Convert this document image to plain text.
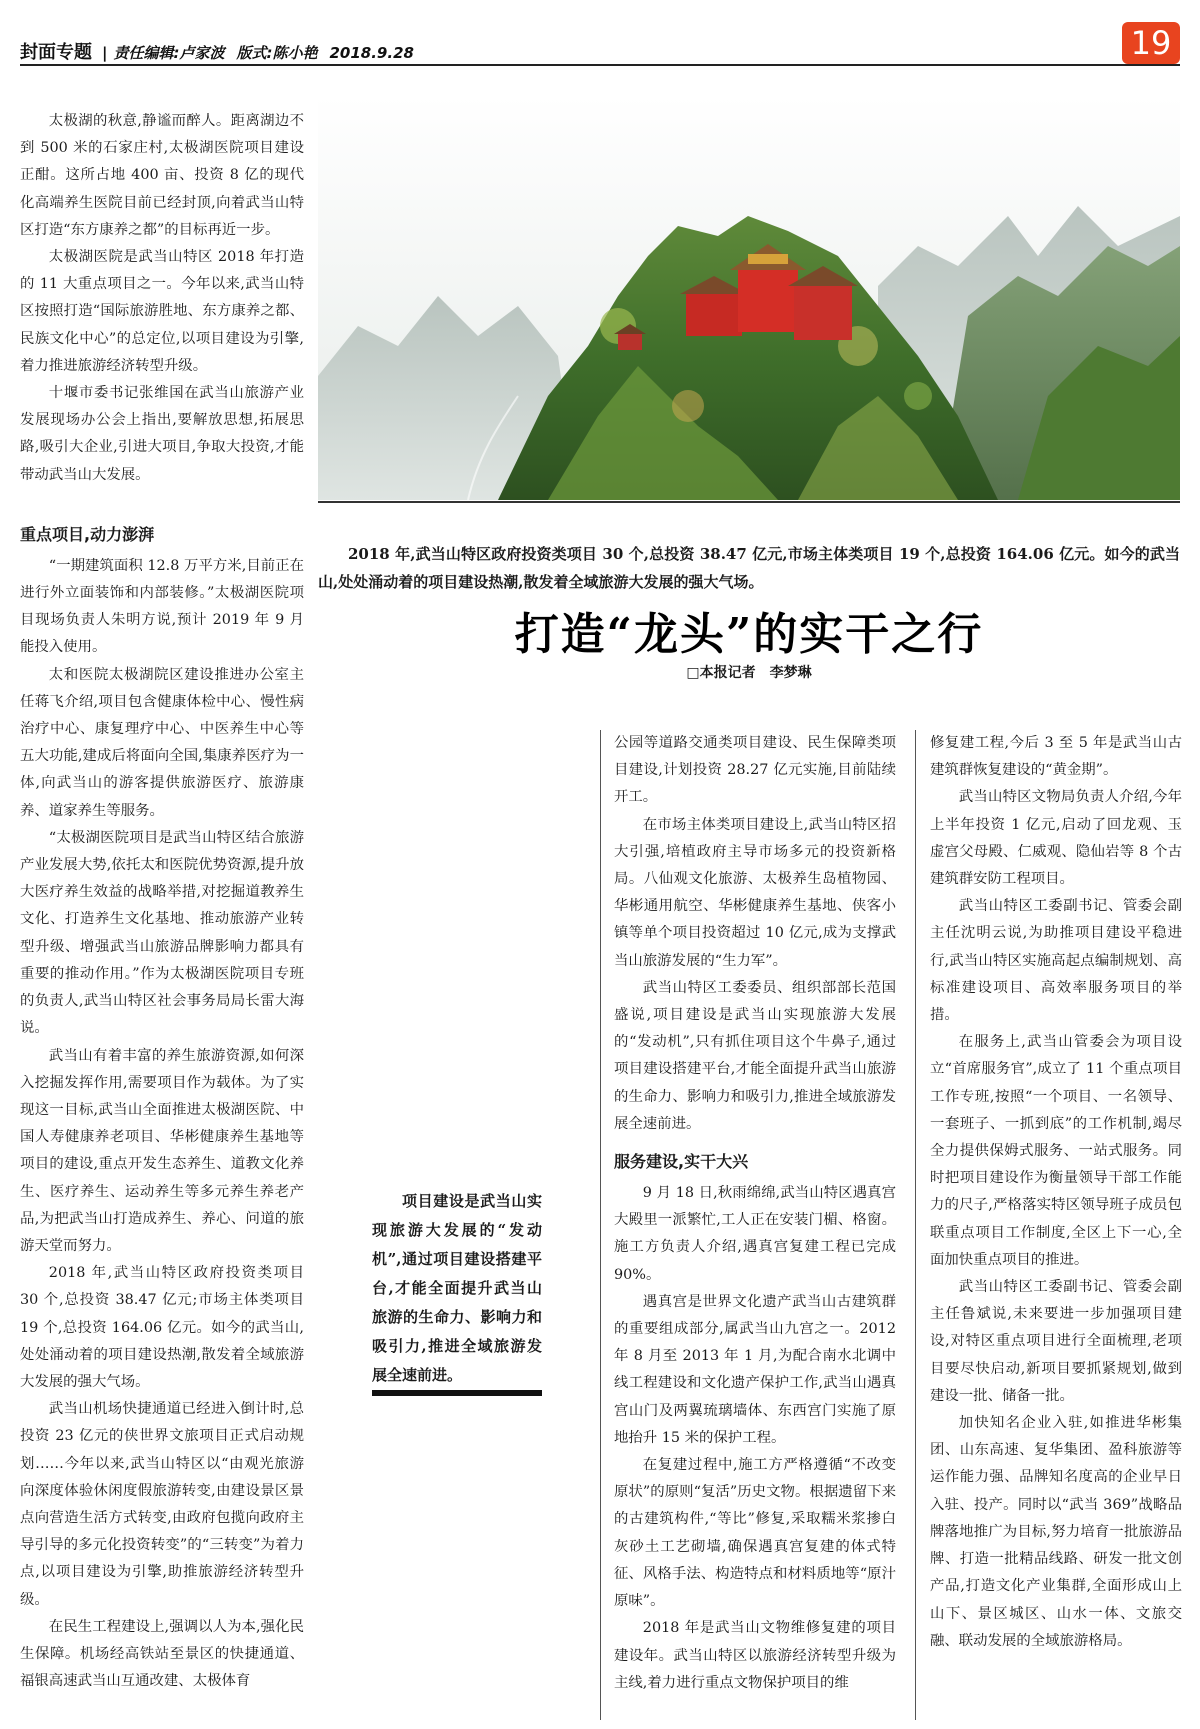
封面专题 | 责任编辑:卢家波 版式:陈小艳 2018.9.28	19

太极湖的秋意,静谧而醉人。距离湖边不到 500 米的石家庄村,太极湖医院项目建设正酣。这所占地 400 亩、投资 8 亿的现代化高端养生医院目前已经封顶,向着武当山特区打造“东方康养之都”的目标再近一步。

太极湖医院是武当山特区 2018 年打造的 11 大重点项目之一。今年以来,武当山特区按照打造“国际旅游胜地、东方康养之都、民族文化中心”的总定位,以项目建设为引擎,着力推进旅游经济转型升级。

十堰市委书记张维国在武当山旅游产业发展现场办公会上指出,要解放思想,拓展思路,吸引大企业,引进大项目,争取大投资,才能带动武当山大发展。

重点项目,动力澎湃

“一期建筑面积 12.8 万平方米,目前正在进行外立面装饰和内部装修。”太极湖医院项目现场负责人朱明方说,预计 2019 年 9 月能投入使用。

太和医院太极湖院区建设推进办公室主任蒋飞介绍,项目包含健康体检中心、慢性病治疗中心、康复理疗中心、中医养生中心等五大功能,建成后将面向全国,集康养医疗为一体,向武当山的游客提供旅游医疗、旅游康养、道家养生等服务。

“太极湖医院项目是武当山特区结合旅游产业发展大势,依托太和医院优势资源,提升放大医疗养生效益的战略举措,对挖掘道教养生文化、打造养生文化基地、推动旅游产业转型升级、增强武当山旅游品牌影响力都具有重要的推动作用。”作为太极湖医院项目专班的负责人,武当山特区社会事务局局长雷大海说。

武当山有着丰富的养生旅游资源,如何深入挖掘发挥作用,需要项目作为载体。为了实现这一目标,武当山全面推进太极湖医院、中国人寿健康养老项目、华彬健康养生基地等项目的建设,重点开发生态养生、道教文化养生、医疗养生、运动养生等多元养生养老产品,为把武当山打造成养生、养心、问道的旅游天堂而努力。

2018 年,武当山特区政府投资类项目 30 个,总投资 38.47 亿元;市场主体类项目 19 个,总投资 164.06 亿元。如今的武当山,处处涌动着的项目建设热潮,散发着全域旅游大发展的强大气场。

武当山机场快捷通道已经进入倒计时,总投资 23 亿元的侠世界文旅项目正式启动规划……今年以来,武当山特区以“由观光旅游向深度体验休闲度假旅游转变,由建设景区景点向营造生活方式转变,由政府包揽向政府主导引导的多元化投资转变”的“三转变”为着力点,以项目建设为引擎,助推旅游经济转型升级。

在民生工程建设上,强调以人为本,强化民生保障。机场经高铁站至景区的快捷通道、福银高速武当山互通改建、太极体育

2018 年,武当山特区政府投资类项目 30 个,总投资 38.47 亿元,市场主体类项目 19 个,总投资 164.06 亿元。如今的武当山,处处涌动着的项目建设热潮,散发着全域旅游大发展的强大气场。
打造“龙头”的实干之行
□本报记者　李梦琳
项目建设是武当山实现旅游大发展的“发动机”,通过项目建设搭建平台,才能全面提升武当山旅游的生命力、影响力和吸引力,推进全域旅游发展全速前进。

公园等道路交通类项目建设、民生保障类项目建设,计划投资 28.27 亿元实施,目前陆续开工。

在市场主体类项目建设上,武当山特区招大引强,培植政府主导市场多元的投资新格局。八仙观文化旅游、太极养生岛植物园、华彬通用航空、华彬健康养生基地、侠客小镇等单个项目投资超过 10 亿元,成为支撑武当山旅游发展的“生力军”。

武当山特区工委委员、组织部部长范国盛说,项目建设是武当山实现旅游大发展的“发动机”,只有抓住项目这个牛鼻子,通过项目建设搭建平台,才能全面提升武当山旅游的生命力、影响力和吸引力,推进全域旅游发展全速前进。

服务建设,实干大兴

9 月 18 日,秋雨绵绵,武当山特区遇真宫大殿里一派繁忙,工人正在安装门楣、格窗。施工方负责人介绍,遇真宫复建工程已完成 90%。

遇真宫是世界文化遗产武当山古建筑群的重要组成部分,属武当山九宫之一。2012 年 8 月至 2013 年 1 月,为配合南水北调中线工程建设和文化遗产保护工作,武当山遇真宫山门及两翼琉璃墙体、东西宫门实施了原地抬升 15 米的保护工程。

在复建过程中,施工方严格遵循“不改变原状”的原则“复活”历史文物。根据遗留下来的古建筑构件,“等比”修复,采取糯米浆掺白灰砂土工艺砌墙,确保遇真宫复建的体式特征、风格手法、构造特点和材料质地等“原汁原味”。

2018 年是武当山文物维修复建的项目建设年。武当山特区以旅游经济转型升级为主线,着力进行重点文物保护项目的维

修复建工程,今后 3 至 5 年是武当山古建筑群恢复建设的“黄金期”。

武当山特区文物局负责人介绍,今年上半年投资 1 亿元,启动了回龙观、玉虚宫父母殿、仁威观、隐仙岩等 8 个古建筑群安防工程项目。

武当山特区工委副书记、管委会副主任沈明云说,为助推项目建设平稳进行,武当山特区实施高起点编制规划、高标准建设项目、高效率服务项目的举措。

在服务上,武当山管委会为项目设立“首席服务官”,成立了 11 个重点项目工作专班,按照“一个项目、一名领导、一套班子、一抓到底”的工作机制,竭尽全力提供保姆式服务、一站式服务。同时把项目建设作为衡量领导干部工作能力的尺子,严格落实特区领导班子成员包联重点项目工作制度,全区上下一心,全面加快重点项目的推进。

武当山特区工委副书记、管委会副主任鲁斌说,未来要进一步加强项目建设,对特区重点项目进行全面梳理,老项目要尽快启动,新项目要抓紧规划,做到建设一批、储备一批。

加快知名企业入驻,如推进华彬集团、山东高速、复华集团、盈科旅游等运作能力强、品牌知名度高的企业早日入驻、投产。同时以“武当 369”战略品牌落地推广为目标,努力培育一批旅游品牌、打造一批精品线路、研发一批文创产品,打造文化产业集群,全面形成山上山下、景区城区、山水一体、文旅交融、联动发展的全域旅游格局。
